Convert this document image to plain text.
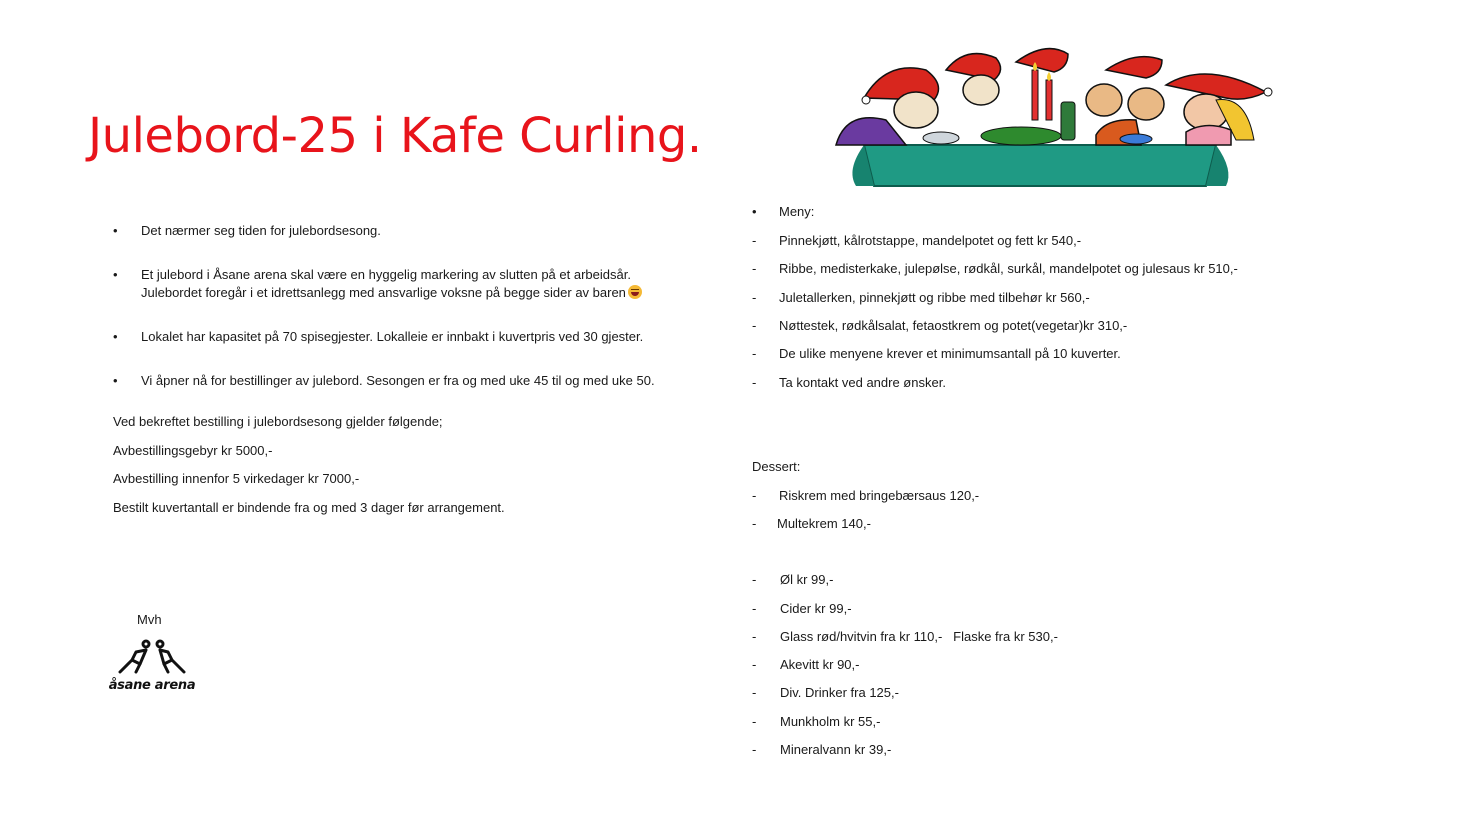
Julebord-25 i Kafe Curling.
• Det nærmer seg tiden for julebordsesong.
• Et julebord i Åsane arena skal være en hyggelig markering av slutten på et arbeidsår.
Julebordet foregår i et idrettsanlegg med ansvarlige voksne på begge sider av baren
• Lokalet har kapasitet på 70 spisegjester. Lokalleie er innbakt i kuvertpris ved 30 gjester.
• Vi åpner nå for bestillinger av julebord. Sesongen er fra og med uke 45 til og med uke 50.

Ved bekreftet bestilling i julebordsesong gjelder følgende;

Avbestillingsgebyr kr 5000,-

Avbestilling innenfor 5 virkedager kr 7000,-

Bestilt kuvertantall er bindende fra og med 3 dager før arrangement.

Mvh
åsane arena
• Meny:
- Pinnekjøtt, kålrotstappe, mandelpotet og fett kr 540,-
- Ribbe, medisterkake, julepølse, rødkål, surkål, mandelpotet og julesaus kr 510,-
- Juletallerken, pinnekjøtt og ribbe med tilbehør kr 560,-
- Nøttestek, rødkålsalat, fetaostkrem og potet(vegetar)kr 310,-
- De ulike menyene krever et minimumsantall på 10 kuverter.
- Ta kontakt ved andre ønsker.
Dessert:
- Riskrem med bringebærsaus 120,-
- Multekrem 140,-
- Øl kr 99,-
- Cider kr 99,-
- Glass rød/hvitvin fra kr 110,-   Flaske fra kr 530,-
- Akevitt kr 90,-
- Div. Drinker fra 125,-
- Munkholm kr 55,-
- Mineralvann kr 39,-
